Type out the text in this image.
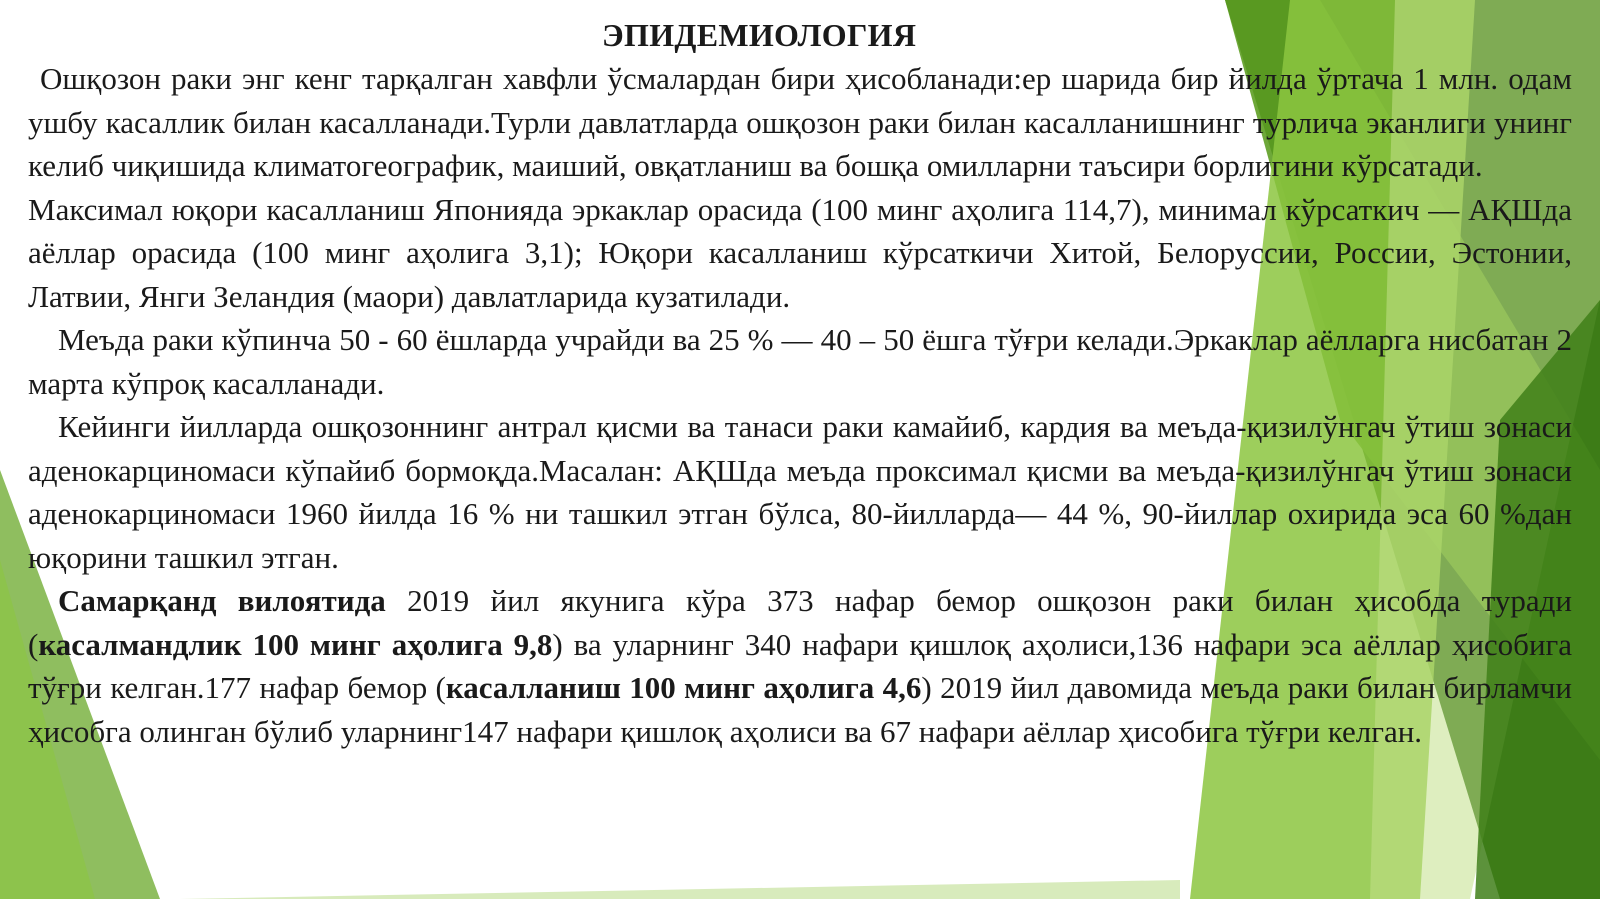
ЭПИДЕМИОЛОГИЯ

Ошқозон раки энг кенг тарқалган хавфли ўсмалардан бири ҳисобланади:ер шарида бир йилда ўртача 1 млн. одам ушбу касаллик билан касалланади.Турли давлатларда ошқозон раки билан касалланишнинг турлича эканлиги унинг келиб чиқишида климатогеографик, маиший, овқатланиш ва бошқа омилларни таъсири борлигини кўрсатади.

Максимал юқори касалланиш Японияда эркаклар орасида (100 минг аҳолига 114,7), минимал кўрсаткич — АҚШда аёллар орасида (100 минг аҳолига 3,1); Юқори касалланиш кўрсаткичи Хитой, Белоруссии, России, Эстонии, Латвии, Янги Зеландия (маори) давлатларида кузатилади.

Меъда раки кўпинча 50 - 60 ёшларда учрайди ва 25 % — 40 – 50 ёшга тўғри келади.Эркаклар аёлларга нисбатан 2 марта кўпроқ касалланади.

Кейинги йилларда ошқозоннинг антрал қисми ва танаси раки камайиб, кардия ва меъда-қизилўнгач ўтиш зонаси аденокарциномаси кўпайиб бормоқда.Масалан: АҚШда меъда проксимал қисми ва меъда-қизилўнгач ўтиш зонаси аденокарциномаси 1960 йилда 16 % ни ташкил этган бўлса, 80-йилларда— 44 %, 90-йиллар охирида эса 60 %дан юқорини ташкил этган.

Самарқанд вилоятида 2019 йил якунига кўра 373 нафар бемор ошқозон раки билан ҳисобда туради (касалмандлик 100 минг аҳолига 9,8) ва уларнинг 340 нафари қишлоқ аҳолиси,136 нафари эса аёллар ҳисобига тўғри келган.177 нафар бемор (касалланиш 100 минг аҳолига 4,6) 2019 йил давомида меъда раки билан бирламчи ҳисобга олинган бўлиб уларнинг147 нафари қишлоқ аҳолиси ва 67 нафари аёллар ҳисобига тўғри келган.
